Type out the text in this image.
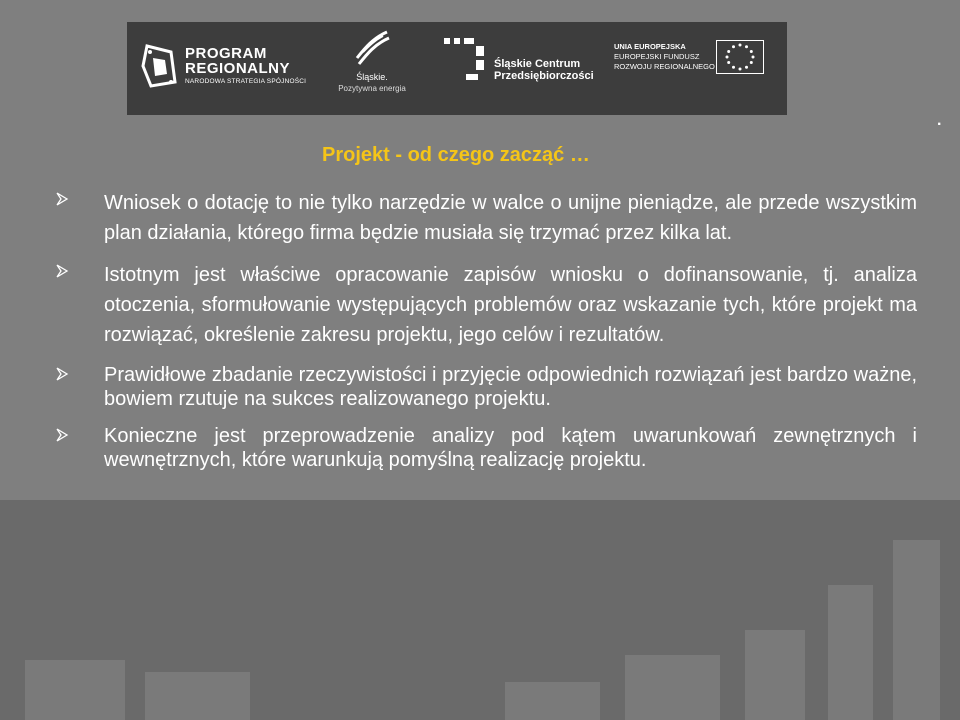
PROGRAM
REGIONALNY
NARODOWA STRATEGIA SPÓJNOŚCI	Śląskie.
Pozytywna energia
Śląskie Centrum
Przedsiębiorczości
UNIA EUROPEJSKA
EUROPEJSKI FUNDUSZ
ROZWOJU REGIONALNEGO
.
Projekt - od czego zacząć …
Wniosek o dotację to nie tylko narzędzie w walce o unijne pieniądze, ale przede wszystkim plan działania, którego firma będzie musiała się trzymać przez kilka lat.
Istotnym jest właściwe opracowanie zapisów wniosku o dofinansowanie, tj. analiza otoczenia, sformułowanie występujących problemów oraz wskazanie tych, które projekt ma rozwiązać, określenie zakresu projektu, jego celów i rezultatów.
Prawidłowe zbadanie rzeczywistości i przyjęcie odpowiednich rozwiązań jest bardzo ważne, bowiem rzutuje na sukces realizowanego projektu.
Konieczne jest przeprowadzenie analizy pod kątem uwarunkowań zewnętrznych i wewnętrznych, które warunkują pomyślną realizację projektu.
